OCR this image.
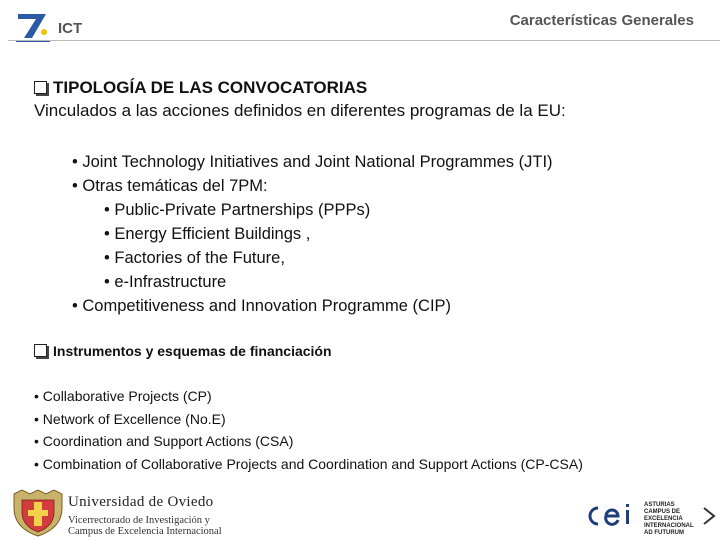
ICT	Características Generales
TIPOLOGÍA DE LAS CONVOCATORIAS
Vinculados a las acciones definidos en diferentes programas de la EU:
• Joint Technology Initiatives and Joint National Programmes (JTI)
• Otras temáticas del 7PM:
• Public-Private Partnerships (PPPs)
• Energy Efficient Buildings ,
• Factories of the Future,
• e-Infrastructure
• Competitiveness and Innovation Programme (CIP)
Instrumentos y esquemas de financiación
• Collaborative Projects (CP)
• Network of Excellence (No.E)
• Coordination and Support Actions (CSA)
• Combination of Collaborative Projects and Coordination and Support Actions (CP-CSA)
Universidad de Oviedo
Vicerrectorado de Investigación y
Campus de Excelencia Internacional
ASTURIAS
CAMPUS DE EXCELENCIA
INTERNACIONAL
AD FUTURUM
